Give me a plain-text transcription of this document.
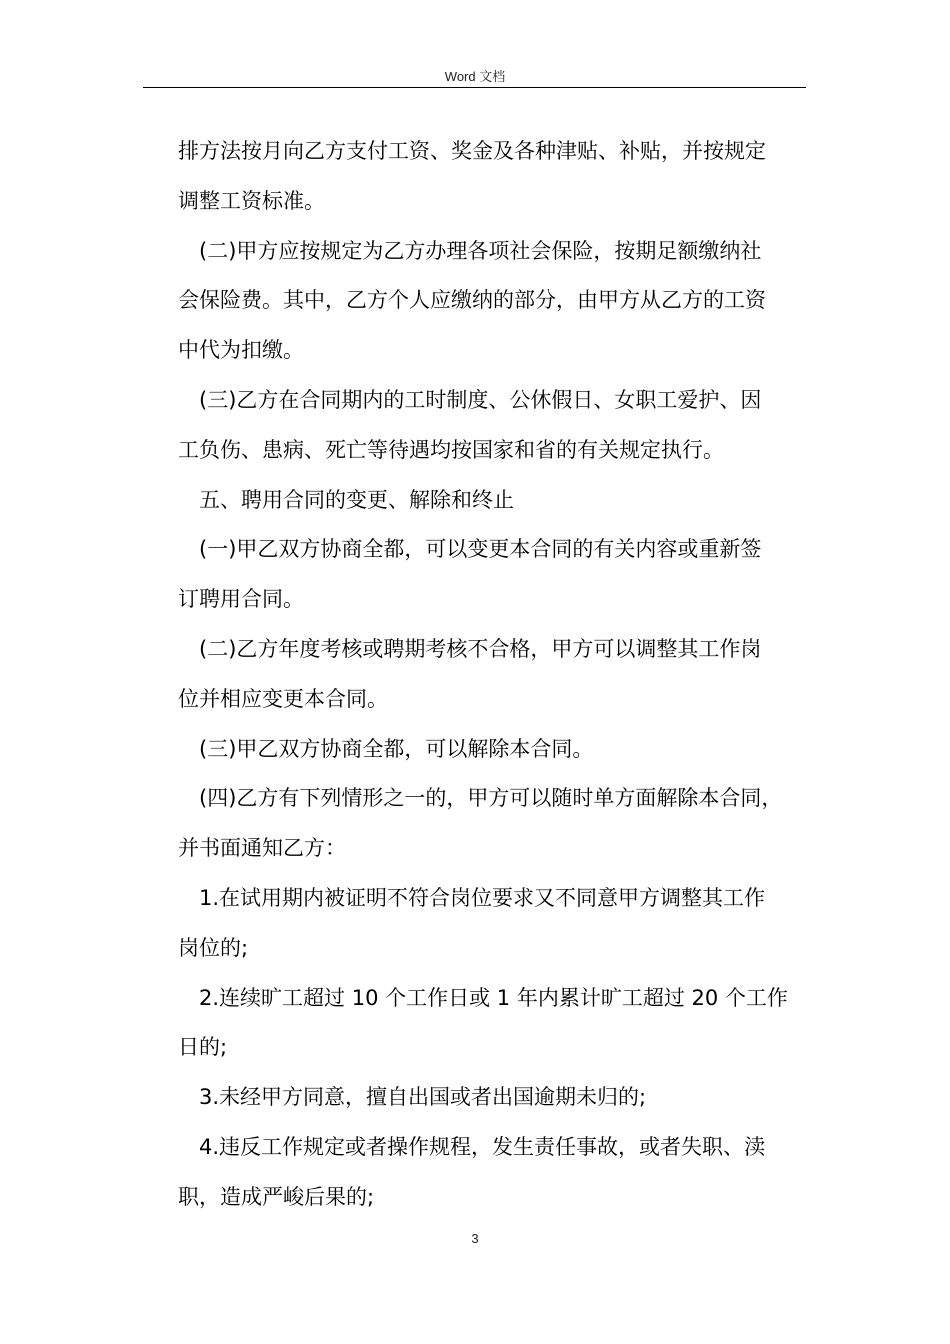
Word 文档
排方法按月向乙方支付工资、奖金及各种津贴、补贴，并按规定
调整工资标准。
(二)甲方应按规定为乙方办理各项社会保险，按期足额缴纳社
会保险费。其中，乙方个人应缴纳的部分，由甲方从乙方的工资
中代为扣缴。
(三)乙方在合同期内的工时制度、公休假日、女职工爱护、因
工负伤、患病、死亡等待遇均按国家和省的有关规定执行。
五、聘用合同的变更、解除和终止
(一)甲乙双方协商全都，可以变更本合同的有关内容或重新签
订聘用合同。
(二)乙方年度考核或聘期考核不合格，甲方可以调整其工作岗
位并相应变更本合同。
(三)甲乙双方协商全都，可以解除本合同。
(四)乙方有下列情形之一的，甲方可以随时单方面解除本合同，
并书面通知乙方：
1.在试用期内被证明不符合岗位要求又不同意甲方调整其工作
岗位的;
2.连续旷工超过 10 个工作日或 1 年内累计旷工超过 20 个工作
日的;
3.未经甲方同意，擅自出国或者出国逾期未归的;
4.违反工作规定或者操作规程，发生责任事故，或者失职、渎
职，造成严峻后果的;
3
